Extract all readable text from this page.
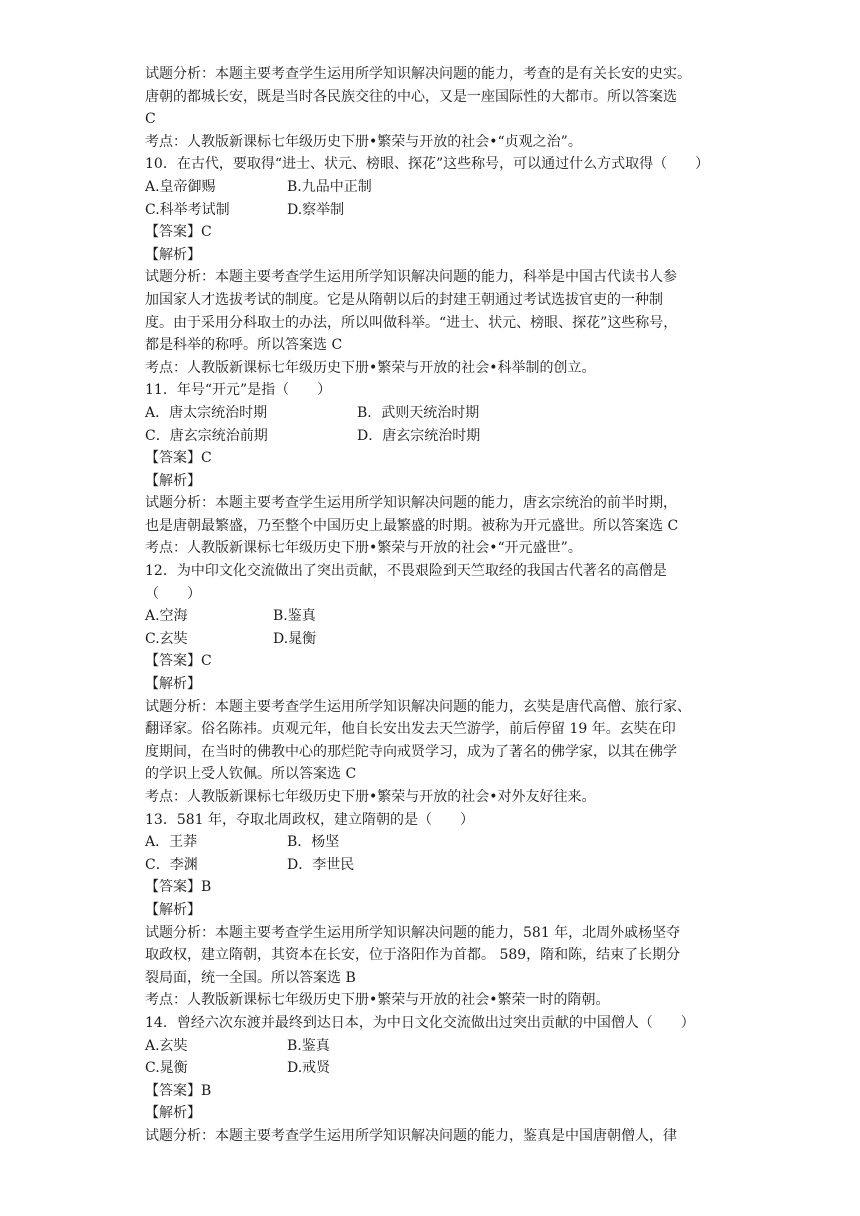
试题分析：本题主要考查学生运用所学知识解决问题的能力，考查的是有关长安的史实。
唐朝的都城长安，既是当时各民族交往的中心，又是一座国际性的大都市。所以答案选
C
考点：人教版新课标七年级历史下册•繁荣与开放的社会•“贞观之治”。
10．在古代，要取得“进士、状元、榜眼、探花”这些称号，可以通过什么方式取得（　　）
A.皇帝御赐	B.九品中正制
C.科举考试制	D.察举制
【答案】C
【解析】
试题分析：本题主要考查学生运用所学知识解决问题的能力，科举是中国古代读书人参
加国家人才选拔考试的制度。它是从隋朝以后的封建王朝通过考试选拔官吏的一种制
度。由于采用分科取士的办法，所以叫做科举。“进士、状元、榜眼、探花”这些称号，
都是科举的称呼。所以答案选 C
考点：人教版新课标七年级历史下册•繁荣与开放的社会•科举制的创立。
11．年号“开元”是指（　　）
A．唐太宗统治时期	B．武则天统治时期
C．唐玄宗统治前期	D．唐玄宗统治时期
【答案】C
【解析】
试题分析：本题主要考查学生运用所学知识解决问题的能力，唐玄宗统治的前半时期，
也是唐朝最繁盛，乃至整个中国历史上最繁盛的时期。被称为开元盛世。所以答案选 C
考点：人教版新课标七年级历史下册•繁荣与开放的社会•“开元盛世”。
12．为中印文化交流做出了突出贡献，不畏艰险到天竺取经的我国古代著名的高僧是
（　　）
A.空海	B.鉴真
C.玄奘	D.晁衡
【答案】C
【解析】
试题分析：本题主要考查学生运用所学知识解决问题的能力，玄奘是唐代高僧、旅行家、
翻译家。俗名陈祎。贞观元年，他自长安出发去天竺游学，前后停留 19 年。玄奘在印
度期间，在当时的佛教中心的那烂陀寺向戒贤学习，成为了著名的佛学家，以其在佛学
的学识上受人钦佩。所以答案选 C
考点：人教版新课标七年级历史下册•繁荣与开放的社会•对外友好往来。
13．581 年，夺取北周政权，建立隋朝的是（　　）
A．王莽	B．杨坚
C．李渊	D．李世民
【答案】B
【解析】
试题分析：本题主要考查学生运用所学知识解决问题的能力，581 年，北周外戚杨坚夺
取政权，建立隋朝，其资本在长安，位于洛阳作为首都。 589，隋和陈，结束了长期分
裂局面，统一全国。所以答案选 B
考点：人教版新课标七年级历史下册•繁荣与开放的社会•繁荣一时的隋朝。
14．曾经六次东渡并最终到达日本，为中日文化交流做出过突出贡献的中国僧人（　　）
A.玄奘	B.鉴真
C.晁衡	D.戒贤
【答案】B
【解析】
试题分析：本题主要考查学生运用所学知识解决问题的能力，鉴真是中国唐朝僧人，律
